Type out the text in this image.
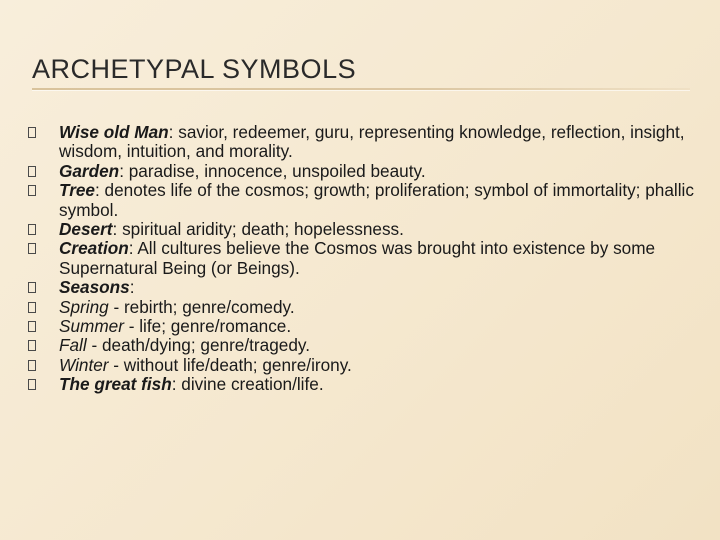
ARCHETYPAL SYMBOLS
Wise old Man: savior, redeemer, guru, representing knowledge, reflection, insight, wisdom, intuition, and morality.
Garden: paradise, innocence, unspoiled beauty.
Tree: denotes life of the cosmos; growth; proliferation; symbol of immortality; phallic symbol.
Desert: spiritual aridity; death; hopelessness.
Creation: All cultures believe the Cosmos was brought into existence by some Supernatural Being (or Beings).
Seasons:
Spring - rebirth; genre/comedy.
Summer - life; genre/romance.
Fall - death/dying; genre/tragedy.
Winter - without life/death; genre/irony.
The great fish: divine creation/life.
